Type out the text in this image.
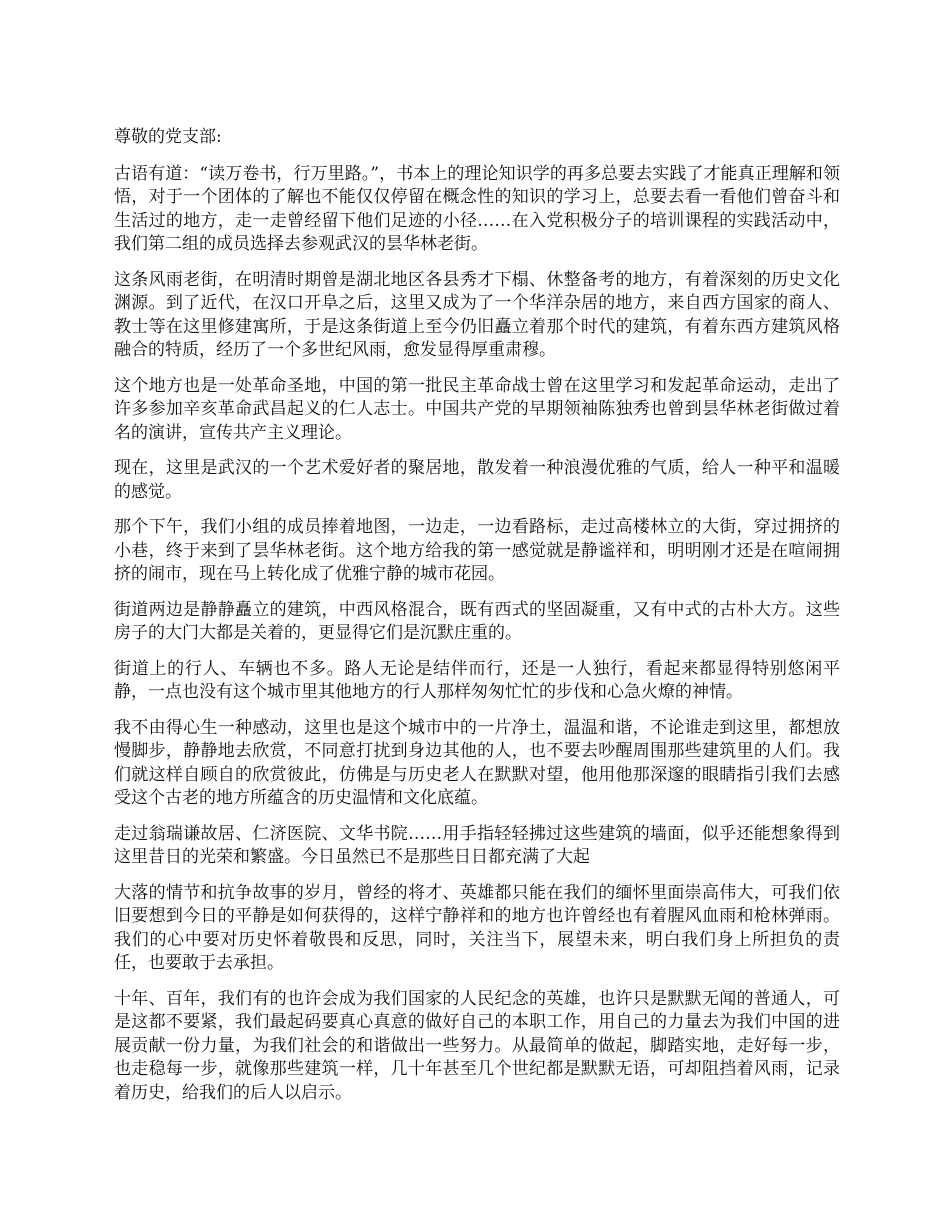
尊敬的党支部:

古语有道：“读万卷书，行万里路。”，书本上的理论知识学的再多总要去实践了才能真正理解和领悟，对于一个团体的了解也不能仅仅停留在概念性的知识的学习上，总要去看一看他们曾奋斗和生活过的地方，走一走曾经留下他们足迹的小径……在入党积极分子的培训课程的实践活动中，我们第二组的成员选择去参观武汉的昙华林老街。

这条风雨老街，在明清时期曾是湖北地区各县秀才下榻、休整备考的地方，有着深刻的历史文化渊源。到了近代，在汉口开阜之后，这里又成为了一个华洋杂居的地方，来自西方国家的商人、教士等在这里修建寓所，于是这条街道上至今仍旧矗立着那个时代的建筑，有着东西方建筑风格融合的特质，经历了一个多世纪风雨，愈发显得厚重肃穆。

这个地方也是一处革命圣地，中国的第一批民主革命战士曾在这里学习和发起革命运动，走出了许多参加辛亥革命武昌起义的仁人志士。中国共产党的早期领袖陈独秀也曾到昙华林老街做过着名的演讲，宣传共产主义理论。

现在，这里是武汉的一个艺术爱好者的聚居地，散发着一种浪漫优雅的气质，给人一种平和温暖的感觉。

那个下午，我们小组的成员捧着地图，一边走，一边看路标，走过高楼林立的大街，穿过拥挤的小巷，终于来到了昙华林老街。这个地方给我的第一感觉就是静谧祥和，明明刚才还是在喧闹拥挤的闹市，现在马上转化成了优雅宁静的城市花园。

街道两边是静静矗立的建筑，中西风格混合，既有西式的坚固凝重，又有中式的古朴大方。这些房子的大门大都是关着的，更显得它们是沉默庄重的。

街道上的行人、车辆也不多。路人无论是结伴而行，还是一人独行，看起来都显得特别悠闲平静，一点也没有这个城市里其他地方的行人那样匆匆忙忙的步伐和心急火燎的神情。

我不由得心生一种感动，这里也是这个城市中的一片净土，温温和谐，不论谁走到这里，都想放慢脚步，静静地去欣赏，不同意打扰到身边其他的人，也不要去吵醒周围那些建筑里的人们。我们就这样自顾自的欣赏彼此，仿佛是与历史老人在默默对望，他用他那深邃的眼睛指引我们去感受这个古老的地方所蕴含的历史温情和文化底蕴。

走过翁瑞谦故居、仁济医院、文华书院……用手指轻轻拂过这些建筑的墙面，似乎还能想象得到这里昔日的光荣和繁盛。今日虽然已不是那些日日都充满了大起

大落的情节和抗争故事的岁月，曾经的将才、英雄都只能在我们的缅怀里面崇高伟大，可我们依旧要想到今日的平静是如何获得的，这样宁静祥和的地方也许曾经也有着腥风血雨和枪林弹雨。我们的心中要对历史怀着敬畏和反思，同时，关注当下，展望未来，明白我们身上所担负的责任，也要敢于去承担。

十年、百年，我们有的也许会成为我们国家的人民纪念的英雄，也许只是默默无闻的普通人，可是这都不要紧，我们最起码要真心真意的做好自己的本职工作，用自己的力量去为我们中国的进展贡献一份力量，为我们社会的和谐做出一些努力。从最简单的做起，脚踏实地，走好每一步，也走稳每一步，就像那些建筑一样，几十年甚至几个世纪都是默默无语，可却阻挡着风雨，记录着历史，给我们的后人以启示。
